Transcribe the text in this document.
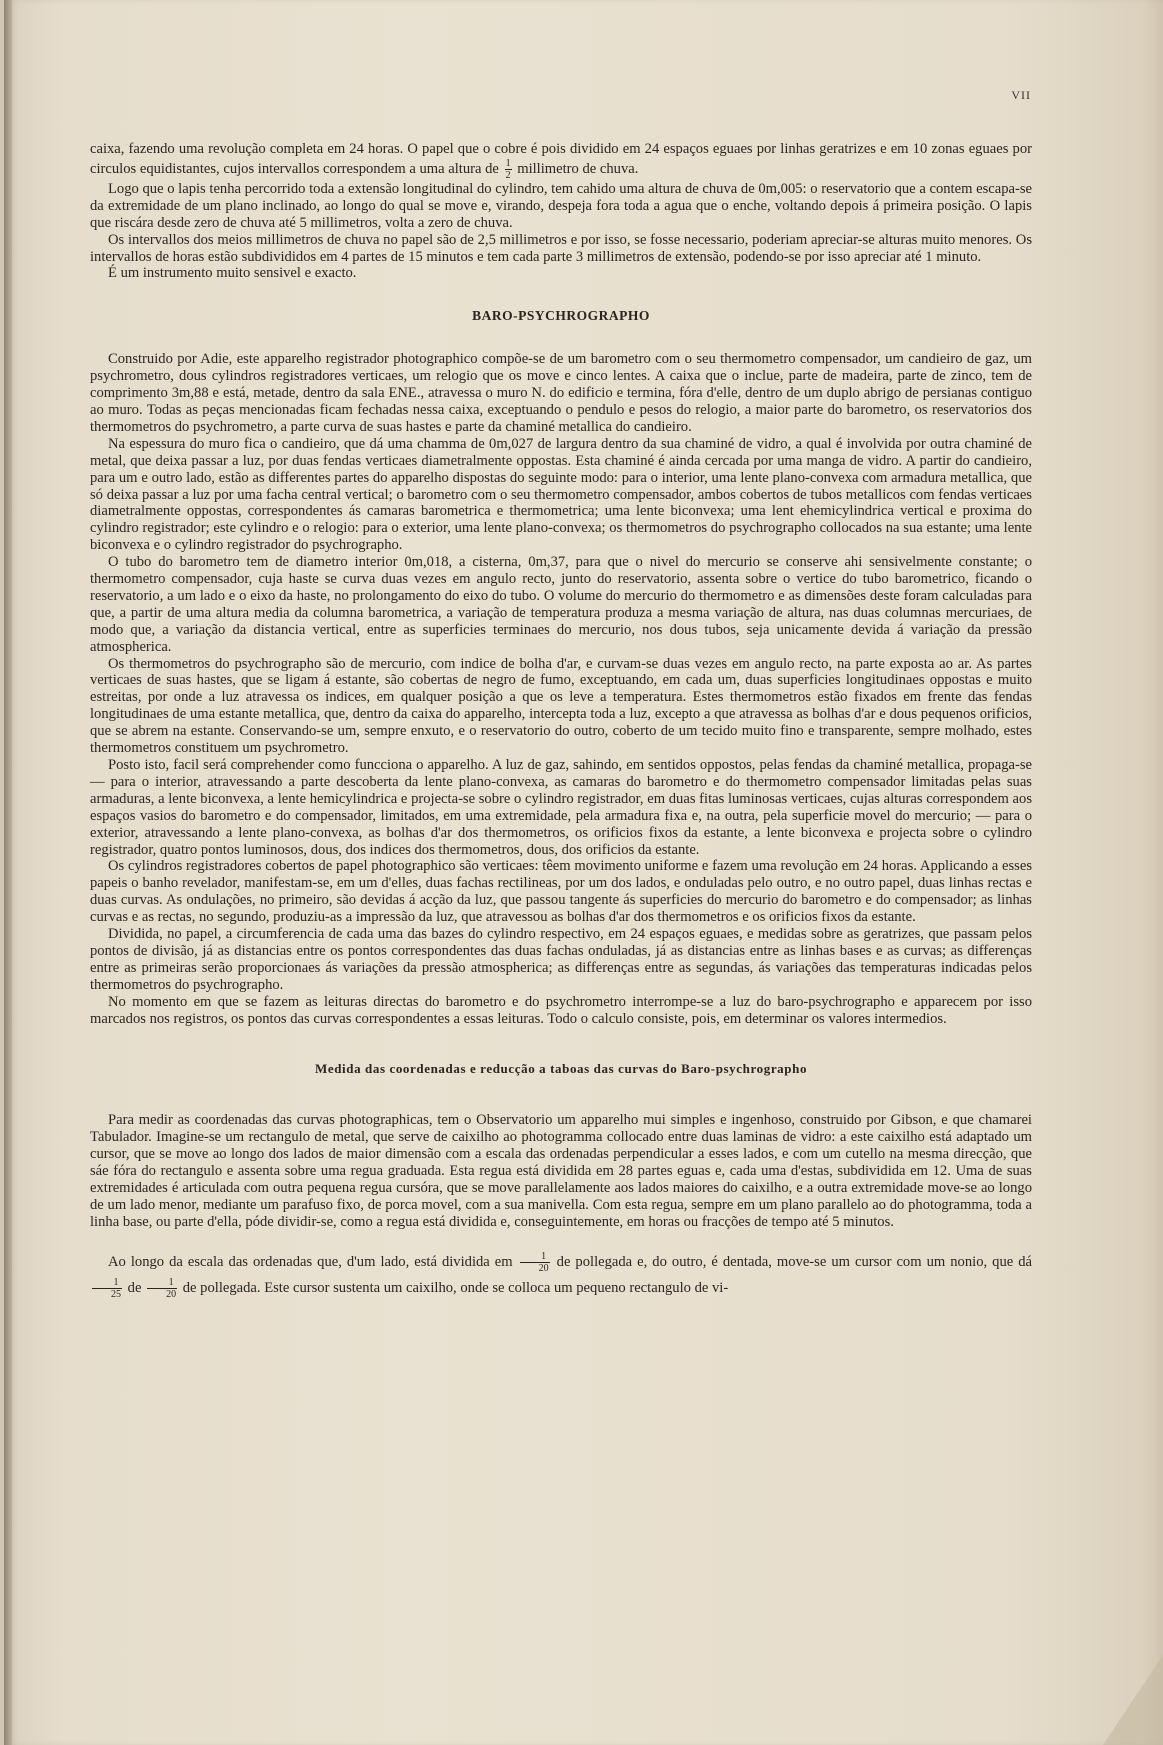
VII

caixa, fazendo uma revolução completa em 24 horas. O papel que o cobre é pois dividido em 24 espaços eguaes por linhas geratrizes e em 10 zonas eguaes por circulos equidistantes, cujos intervallos correspondem a uma altura de $\frac{1}{2}$ millimetro de chuva.

Logo que o lapis tenha percorrido toda a extensão longitudinal do cylindro, tem cahido uma altura de chuva de 0m,005: o reservatorio que a contem escapa-se da extremidade de um plano inclinado, ao longo do qual se move e, virando, despeja fora toda a agua que o enche, voltando depois á primeira posição. O lapis que riscára desde zero de chuva até 5 millimetros, volta a zero de chuva.

Os intervallos dos meios millimetros de chuva no papel são de 2,5 millimetros e por isso, se fosse necessario, poderiam apreciar-se alturas muito menores. Os intervallos de horas estão subdivididos em 4 partes de 15 minutos e tem cada parte 3 millimetros de extensão, podendo-se por isso apreciar até 1 minuto.

É um instrumento muito sensivel e exacto.

BARO-PSYCHROGRAPHO

Construido por Adie, este apparelho registrador photographico compõe-se de um barometro com o seu thermometro compensador, um candieiro de gaz, um psychrometro, dous cylindros registradores verticaes, um relogio que os move e cinco lentes. A caixa que o inclue, parte de madeira, parte de zinco, tem de comprimento 3m,88 e está, metade, dentro da sala ENE., atravessa o muro N. do edificio e termina, fóra d'elle, dentro de um duplo abrigo de persianas contiguo ao muro. Todas as peças mencionadas ficam fechadas nessa caixa, exceptuando o pendulo e pesos do relogio, a maior parte do barometro, os reservatorios dos thermometros do psychrometro, a parte curva de suas hastes e parte da chaminé metallica do candieiro.

Na espessura do muro fica o candieiro, que dá uma chamma de 0m,027 de largura dentro da sua chaminé de vidro, a qual é involvida por outra chaminé de metal, que deixa passar a luz, por duas fendas verticaes diametralmente oppostas. Esta chaminé é ainda cercada por uma manga de vidro. A partir do candieiro, para um e outro lado, estão as differentes partes do apparelho dispostas do seguinte modo: para o interior, uma lente plano-convexa com armadura metallica, que só deixa passar a luz por uma facha central vertical; o barometro com o seu thermometro compensador, ambos cobertos de tubos metallicos com fendas verticaes diametralmente oppostas, correspondentes ás camaras barometrica e thermometrica; uma lente biconvexa; uma lent ehemicylindrica vertical e proxima do cylindro registrador; este cylindro e o relogio: para o exterior, uma lente plano-convexa; os thermometros do psychrographo collocados na sua estante; uma lente biconvexa e o cylindro registrador do psychrographo.

O tubo do barometro tem de diametro interior 0m,018, a cisterna, 0m,37, para que o nivel do mercurio se conserve ahi sensivelmente constante; o thermometro compensador, cuja haste se curva duas vezes em angulo recto, junto do reservatorio, assenta sobre o vertice do tubo barometrico, ficando o reservatorio, a um lado e o eixo da haste, no prolongamento do eixo do tubo. O volume do mercurio do thermometro e as dimensões deste foram calculadas para que, a partir de uma altura media da columna barometrica, a variação de temperatura produza a mesma variação de altura, nas duas columnas mercuriaes, de modo que, a variação da distancia vertical, entre as superficies terminaes do mercurio, nos dous tubos, seja unicamente devida á variação da pressão atmospherica.

Os thermometros do psychrographo são de mercurio, com indice de bolha d'ar, e curvam-se duas vezes em angulo recto, na parte exposta ao ar. As partes verticaes de suas hastes, que se ligam á estante, são cobertas de negro de fumo, exceptuando, em cada um, duas superficies longitudinaes oppostas e muito estreitas, por onde a luz atravessa os indices, em qualquer posição a que os leve a temperatura. Estes thermometros estão fixados em frente das fendas longitudinaes de uma estante metallica, que, dentro da caixa do apparelho, intercepta toda a luz, excepto a que atravessa as bolhas d'ar e dous pequenos orificios, que se abrem na estante. Conservando-se um, sempre enxuto, e o reservatorio do outro, coberto de um tecido muito fino e transparente, sempre molhado, estes thermometros constituem um psychrometro.

Posto isto, facil será comprehender como funcciona o apparelho. A luz de gaz, sahindo, em sentidos oppostos, pelas fendas da chaminé metallica, propaga-se — para o interior, atravessando a parte descoberta da lente plano-convexa, as camaras do barometro e do thermometro compensador limitadas pelas suas armaduras, a lente biconvexa, a lente hemicylindrica e projecta-se sobre o cylindro registrador, em duas fitas luminosas verticaes, cujas alturas correspondem aos espaços vasios do barometro e do compensador, limitados, em uma extremidade, pela armadura fixa e, na outra, pela superficie movel do mercurio; — para o exterior, atravessando a lente plano-convexa, as bolhas d'ar dos thermometros, os orificios fixos da estante, a lente biconvexa e projecta sobre o cylindro registrador, quatro pontos luminosos, dous, dos indices dos thermometros, dous, dos orificios da estante.

Os cylindros registradores cobertos de papel photographico são verticaes: têem movimento uniforme e fazem uma revolução em 24 horas. Applicando a esses papeis o banho revelador, manifestam-se, em um d'elles, duas fachas rectilineas, por um dos lados, e onduladas pelo outro, e no outro papel, duas linhas rectas e duas curvas. As ondulações, no primeiro, são devidas á acção da luz, que passou tangente ás superficies do mercurio do barometro e do compensador; as linhas curvas e as rectas, no segundo, produziu-as a impressão da luz, que atravessou as bolhas d'ar dos thermometros e os orificios fixos da estante.

Dividida, no papel, a circumferencia de cada uma das bazes do cylindro respectivo, em 24 espaços eguaes, e medidas sobre as geratrizes, que passam pelos pontos de divisão, já as distancias entre os pontos correspondentes das duas fachas onduladas, já as distancias entre as linhas bases e as curvas; as differenças entre as primeiras serão proporcionaes ás variações da pressão atmospherica; as differenças entre as segundas, ás variações das temperaturas indicadas pelos thermometros do psychrographo.

No momento em que se fazem as leituras directas do barometro e do psychrometro interrompe-se a luz do baro-psychrographo e apparecem por isso marcados nos registros, os pontos das curvas correspondentes a essas leituras. Todo o calculo consiste, pois, em determinar os valores intermedios.

Medida das coordenadas e reducção a taboas das curvas do Baro-psychrographo

Para medir as coordenadas das curvas photographicas, tem o Observatorio um apparelho mui simples e ingenhoso, construido por Gibson, e que chamarei Tabulador. Imagine-se um rectangulo de metal, que serve de caixilho ao photogramma collocado entre duas laminas de vidro: a este caixilho está adaptado um cursor, que se move ao longo dos lados de maior dimensão com a escala das ordenadas perpendicular a esses lados, e com um cutello na mesma direcção, que sáe fóra do rectangulo e assenta sobre uma regua graduada. Esta regua está dividida em 28 partes eguas e, cada uma d'estas, subdividida em 12. Uma de suas extremidades é articulada com outra pequena regua cursóra, que se move parallelamente aos lados maiores do caixilho, e a outra extremidade move-se ao longo de um lado menor, mediante um parafuso fixo, de porca movel, com a sua manivella. Com esta regua, sempre em um plano parallelo ao do photogramma, toda a linha base, ou parte d'ella, póde dividir-se, como a regua está dividida e, conseguintemente, em horas ou fracções de tempo até 5 minutos.

Ao longo da escala das ordenadas que, d'um lado, está dividida em $\frac{1}{20}$ de pollegada e, do outro, é dentada, move-se um cursor com um nonio, que dá
$\frac{1}{25}$ de $\frac{1}{20}$ de pollegada. Este cursor sustenta um caixilho, onde se colloca um pequeno rectangulo de vi-
